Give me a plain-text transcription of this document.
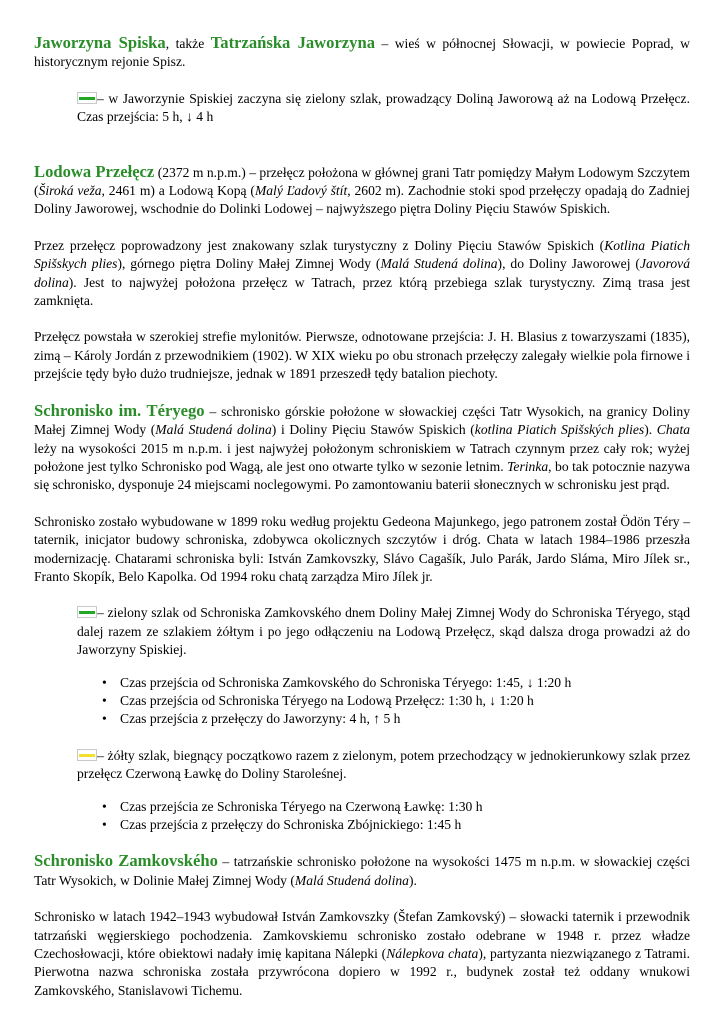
Jaworzyna Spiska, także Tatrzańska Jaworzyna – wieś w północnej Słowacji, w powiecie Poprad, w historycznym rejonie Spisz.

– w Jaworzynie Spiskiej zaczyna się zielony szlak, prowadzący Doliną Jaworową aż na Lodową Przełęcz. Czas przejścia: 5 h, ↓ 4 h

Lodowa Przełęcz (2372 m n.p.m.) – przełęcz położona w głównej grani Tatr pomiędzy Małym Lodowym Szczytem (Široká veža, 2461 m) a Lodową Kopą (Malý Ľadový štít, 2602 m). Zachodnie stoki spod przełęczy opadają do Zadniej Doliny Jaworowej, wschodnie do Dolinki Lodowej – najwyższego piętra Doliny Pięciu Stawów Spiskich.

Przez przełęcz poprowadzony jest znakowany szlak turystyczny z Doliny Pięciu Stawów Spiskich (Kotlina Piatich Spišskych plies), górnego piętra Doliny Małej Zimnej Wody (Malá Studená dolina), do Doliny Jaworowej (Javorová dolina). Jest to najwyżej położona przełęcz w Tatrach, przez którą przebiega szlak turystyczny. Zimą trasa jest zamknięta.

Przełęcz powstała w szerokiej strefie mylonitów. Pierwsze, odnotowane przejścia: J. H. Blasius z towarzyszami (1835), zimą – Károly Jordán z przewodnikiem (1902). W XIX wieku po obu stronach przełęczy zalegały wielkie pola firnowe i przejście tędy było dużo trudniejsze, jednak w 1891 przeszedł tędy batalion piechoty.

Schronisko im. Téryego – schronisko górskie położone w słowackiej części Tatr Wysokich, na granicy Doliny Małej Zimnej Wody (Malá Studená dolina) i Doliny Pięciu Stawów Spiskich (kotlina Piatich Spišských plies). Chata leży na wysokości 2015 m n.p.m. i jest najwyżej położonym schroniskiem w Tatrach czynnym przez cały rok; wyżej położone jest tylko Schronisko pod Wagą, ale jest ono otwarte tylko w sezonie letnim. Terinka, bo tak potocznie nazywa się schronisko, dysponuje 24 miejscami noclegowymi. Po zamontowaniu baterii słonecznych w schronisku jest prąd.

Schronisko zostało wybudowane w 1899 roku według projektu Gedeona Majunkego, jego patronem został Ödön Téry – taternik, inicjator budowy schroniska, zdobywca okolicznych szczytów i dróg. Chata w latach 1984–1986 przeszła modernizację. Chatarami schroniska byli: István Zamkovszky, Slávo Cagašík, Julo Parák, Jardo Sláma, Miro Jílek sr., Franto Skopík, Belo Kapolka. Od 1994 roku chatą zarządza Miro Jílek jr.

– zielony szlak od Schroniska Zamkovského dnem Doliny Małej Zimnej Wody do Schroniska Téryego, stąd dalej razem ze szlakiem żółtym i po jego odłączeniu na Lodową Przełęcz, skąd dalsza droga prowadzi aż do Jaworzyny Spiskiej.

• Czas przejścia od Schroniska Zamkovského do Schroniska Téryego: 1:45, ↓ 1:20 h
• Czas przejścia od Schroniska Téryego na Lodową Przełęcz: 1:30 h, ↓ 1:20 h
• Czas przejścia z przełęczy do Jaworzyny: 4 h, ↑ 5 h

– żółty szlak, biegnący początkowo razem z zielonym, potem przechodzący w jednokierunkowy szlak przez przełęcz Czerwoną Ławkę do Doliny Staroleśnej.

• Czas przejścia ze Schroniska Téryego na Czerwoną Ławkę: 1:30 h
• Czas przejścia z przełęczy do Schroniska Zbójnickiego: 1:45 h

Schronisko Zamkovského – tatrzańskie schronisko położone na wysokości 1475 m n.p.m. w słowackiej części Tatr Wysokich, w Dolinie Małej Zimnej Wody (Malá Studená dolina).

Schronisko w latach 1942–1943 wybudował István Zamkovszky (Štefan Zamkovský) – słowacki taternik i przewodnik tatrzański węgierskiego pochodzenia. Zamkovskiemu schronisko zostało odebrane w 1948 r. przez władze Czechosłowacji, które obiektowi nadały imię kapitana Nálepki (Nálepkova chata), partyzanta niezwiązanego z Tatrami. Pierwotna nazwa schroniska została przywrócona dopiero w 1992 r., budynek został też oddany wnukowi Zamkovského, Stanislavowi Tichemu.
